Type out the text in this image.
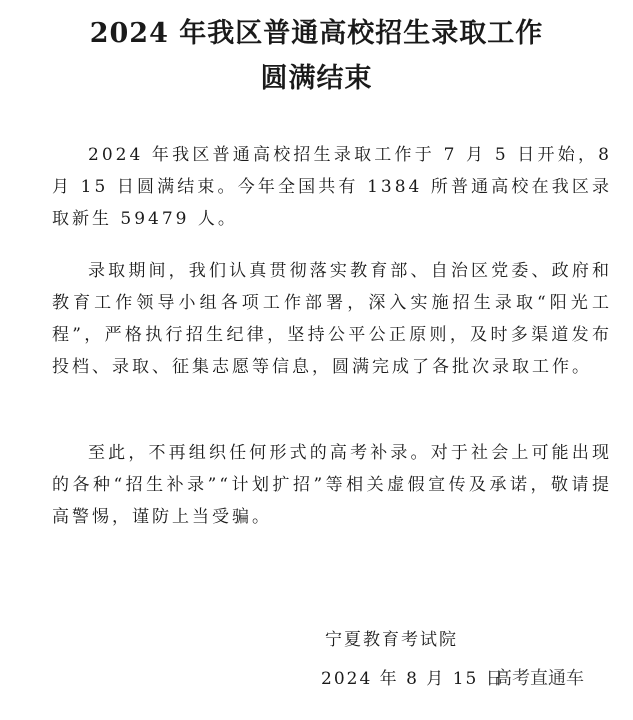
2024 年我区普通高校招生录取工作
圆满结束

2024 年我区普通高校招生录取工作于 7 月 5 日开始，8 月 15 日圆满结束。今年全国共有 1384 所普通高校在我区录取新生 59479 人。

录取期间，我们认真贯彻落实教育部、自治区党委、政府和教育工作领导小组各项工作部署，深入实施招生录取“阳光工程”，严格执行招生纪律，坚持公平公正原则，及时多渠道发布投档、录取、征集志愿等信息，圆满完成了各批次录取工作。

至此，不再组织任何形式的高考补录。对于社会上可能出现的各种“招生补录”“计划扩招”等相关虚假宣传及承诺，敬请提高警惕，谨防上当受骗。

宁夏教育考试院
2024 年 8 月 15 日
高考直通车
